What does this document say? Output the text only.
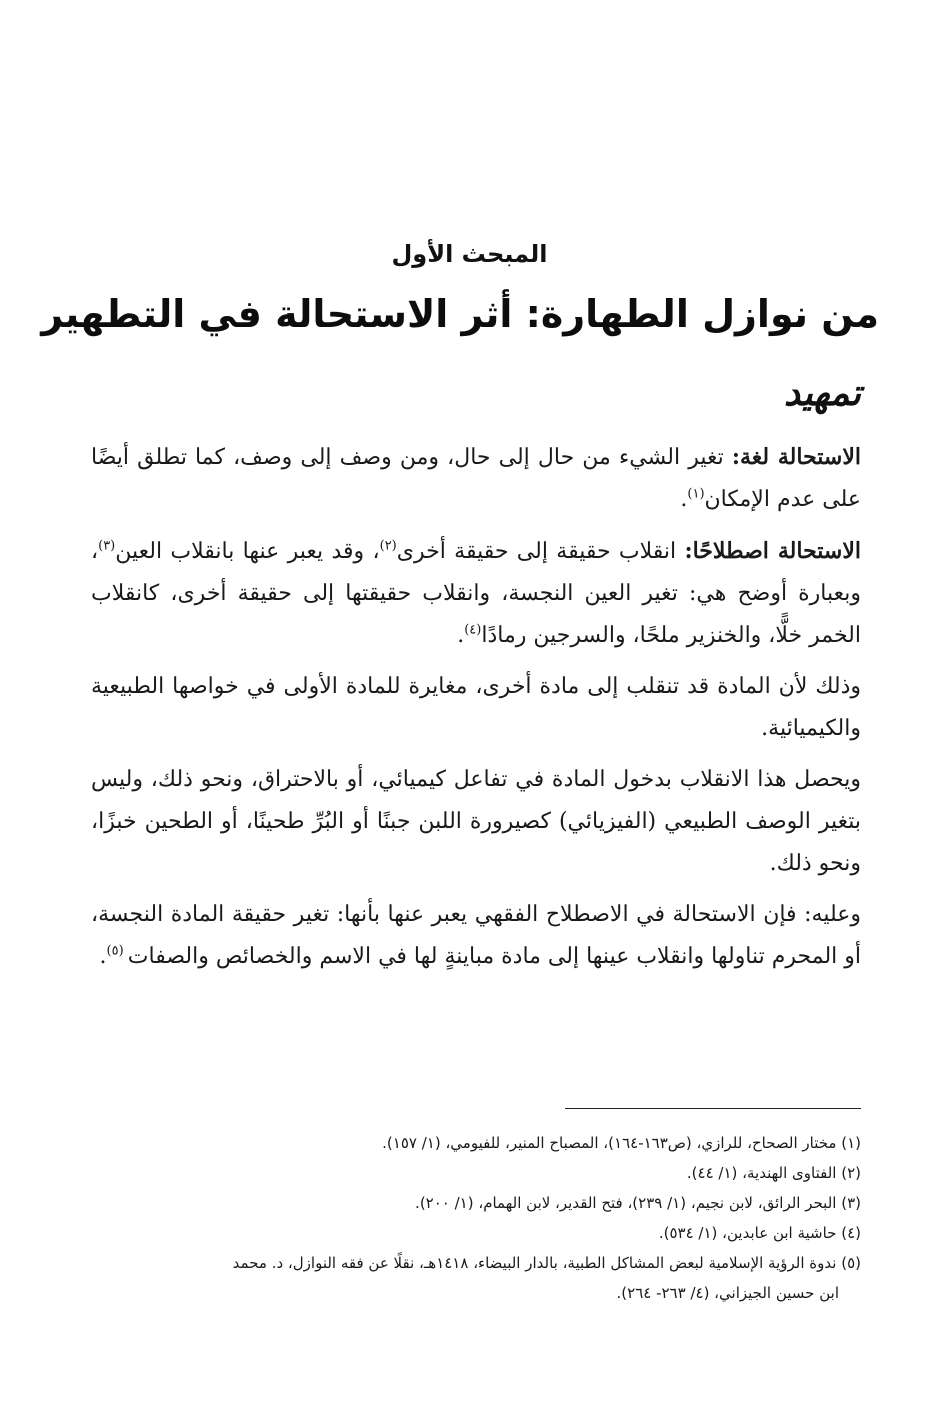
المبحث الأول
من نوازل الطهارة: أثر الاستحالة في التطهير
تمهيد

الاستحالة لغة: تغير الشيء من حال إلى حال، ومن وصف إلى وصف، كما تطلق أيضًا على عدم الإمكان$^{(١)}$.

الاستحالة اصطلاحًا: انقلاب حقيقة إلى حقيقة أخرى$^{(٢)}$، وقد يعبر عنها بانقلاب العين$^{(٣)}$، وبعبارة أوضح هي: تغير العين النجسة، وانقلاب حقيقتها إلى حقيقة أخرى، كانقلاب الخمر خلًّا، والخنزير ملحًا، والسرجين رمادًا$^{(٤)}$.

وذلك لأن المادة قد تنقلب إلى مادة أخرى، مغايرة للمادة الأولى في خواصها الطبيعية والكيميائية.

ويحصل هذا الانقلاب بدخول المادة في تفاعل كيميائي، أو بالاحتراق، ونحو ذلك، وليس بتغير الوصف الطبيعي (الفيزيائي) كصيرورة اللبن جبنًا أو البُرِّ طحينًا، أو الطحين خبزًا، ونحو ذلك.

وعليه: فإن الاستحالة في الاصطلاح الفقهي يعبر عنها بأنها: تغير حقيقة المادة النجسة، أو المحرم تناولها وانقلاب عينها إلى مادة مباينةٍ لها في الاسم والخصائص والصفات $^{(٥)}$.

(١) مختار الصحاح، للرازي، (ص١٦٣-١٦٤)، المصباح المنير، للفيومي، (١/ ١٥٧).

(٢) الفتاوى الهندية، (١/ ٤٤).

(٣) البحر الرائق، لابن نجيم، (١/ ٢٣٩)، فتح القدير، لابن الهمام، (١/ ٢٠٠).

(٤) حاشية ابن عابدين، (١/ ٥٣٤).

(٥) ندوة الرؤية الإسلامية لبعض المشاكل الطبية، بالدار البيضاء، ١٤١٨هـ، نقلًا عن فقه النوازل، د. محمد

ابن حسين الجيزاني، (٤/ ٢٦٣- ٢٦٤).
